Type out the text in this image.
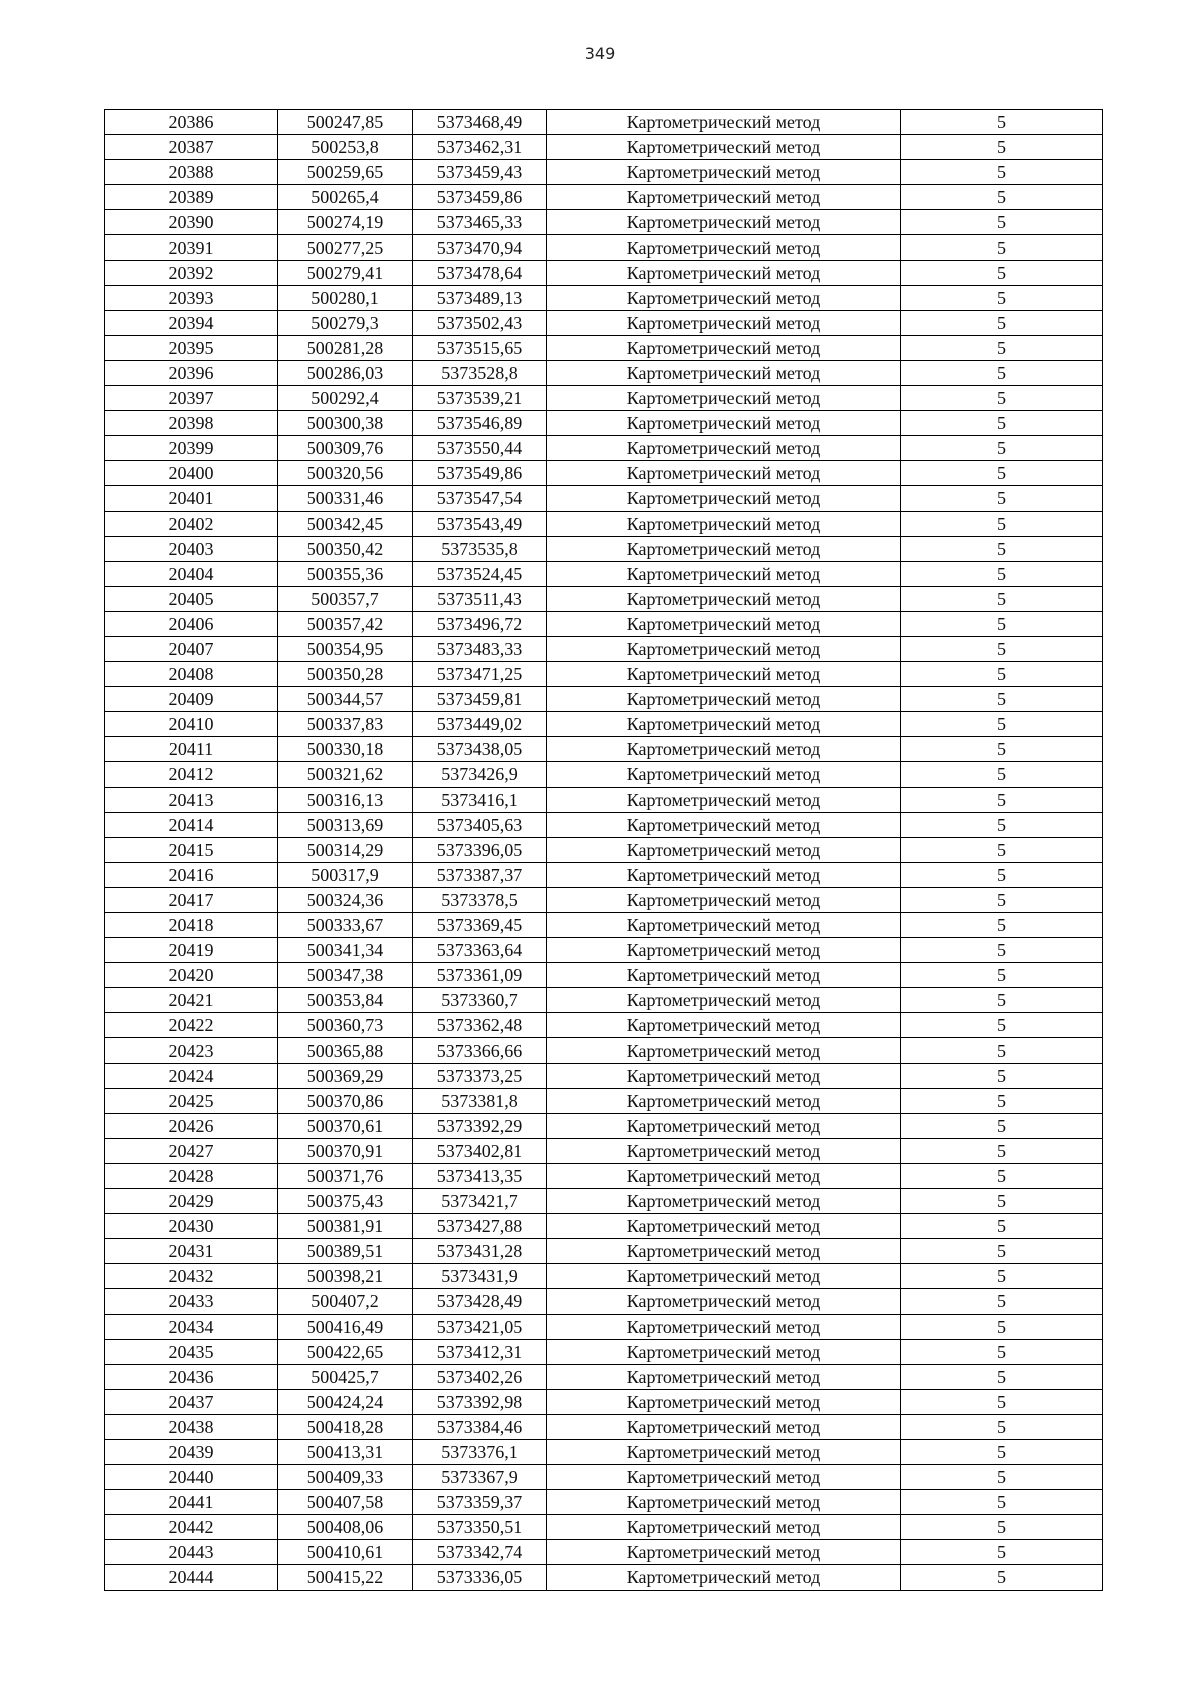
349
20386	500247,85	5373468,49	Картометрический метод	5
20387	500253,8	5373462,31	Картометрический метод	5
20388	500259,65	5373459,43	Картометрический метод	5
20389	500265,4	5373459,86	Картометрический метод	5
20390	500274,19	5373465,33	Картометрический метод	5
20391	500277,25	5373470,94	Картометрический метод	5
20392	500279,41	5373478,64	Картометрический метод	5
20393	500280,1	5373489,13	Картометрический метод	5
20394	500279,3	5373502,43	Картометрический метод	5
20395	500281,28	5373515,65	Картометрический метод	5
20396	500286,03	5373528,8	Картометрический метод	5
20397	500292,4	5373539,21	Картометрический метод	5
20398	500300,38	5373546,89	Картометрический метод	5
20399	500309,76	5373550,44	Картометрический метод	5
20400	500320,56	5373549,86	Картометрический метод	5
20401	500331,46	5373547,54	Картометрический метод	5
20402	500342,45	5373543,49	Картометрический метод	5
20403	500350,42	5373535,8	Картометрический метод	5
20404	500355,36	5373524,45	Картометрический метод	5
20405	500357,7	5373511,43	Картометрический метод	5
20406	500357,42	5373496,72	Картометрический метод	5
20407	500354,95	5373483,33	Картометрический метод	5
20408	500350,28	5373471,25	Картометрический метод	5
20409	500344,57	5373459,81	Картометрический метод	5
20410	500337,83	5373449,02	Картометрический метод	5
20411	500330,18	5373438,05	Картометрический метод	5
20412	500321,62	5373426,9	Картометрический метод	5
20413	500316,13	5373416,1	Картометрический метод	5
20414	500313,69	5373405,63	Картометрический метод	5
20415	500314,29	5373396,05	Картометрический метод	5
20416	500317,9	5373387,37	Картометрический метод	5
20417	500324,36	5373378,5	Картометрический метод	5
20418	500333,67	5373369,45	Картометрический метод	5
20419	500341,34	5373363,64	Картометрический метод	5
20420	500347,38	5373361,09	Картометрический метод	5
20421	500353,84	5373360,7	Картометрический метод	5
20422	500360,73	5373362,48	Картометрический метод	5
20423	500365,88	5373366,66	Картометрический метод	5
20424	500369,29	5373373,25	Картометрический метод	5
20425	500370,86	5373381,8	Картометрический метод	5
20426	500370,61	5373392,29	Картометрический метод	5
20427	500370,91	5373402,81	Картометрический метод	5
20428	500371,76	5373413,35	Картометрический метод	5
20429	500375,43	5373421,7	Картометрический метод	5
20430	500381,91	5373427,88	Картометрический метод	5
20431	500389,51	5373431,28	Картометрический метод	5
20432	500398,21	5373431,9	Картометрический метод	5
20433	500407,2	5373428,49	Картометрический метод	5
20434	500416,49	5373421,05	Картометрический метод	5
20435	500422,65	5373412,31	Картометрический метод	5
20436	500425,7	5373402,26	Картометрический метод	5
20437	500424,24	5373392,98	Картометрический метод	5
20438	500418,28	5373384,46	Картометрический метод	5
20439	500413,31	5373376,1	Картометрический метод	5
20440	500409,33	5373367,9	Картометрический метод	5
20441	500407,58	5373359,37	Картометрический метод	5
20442	500408,06	5373350,51	Картометрический метод	5
20443	500410,61	5373342,74	Картометрический метод	5
20444	500415,22	5373336,05	Картометрический метод	5
